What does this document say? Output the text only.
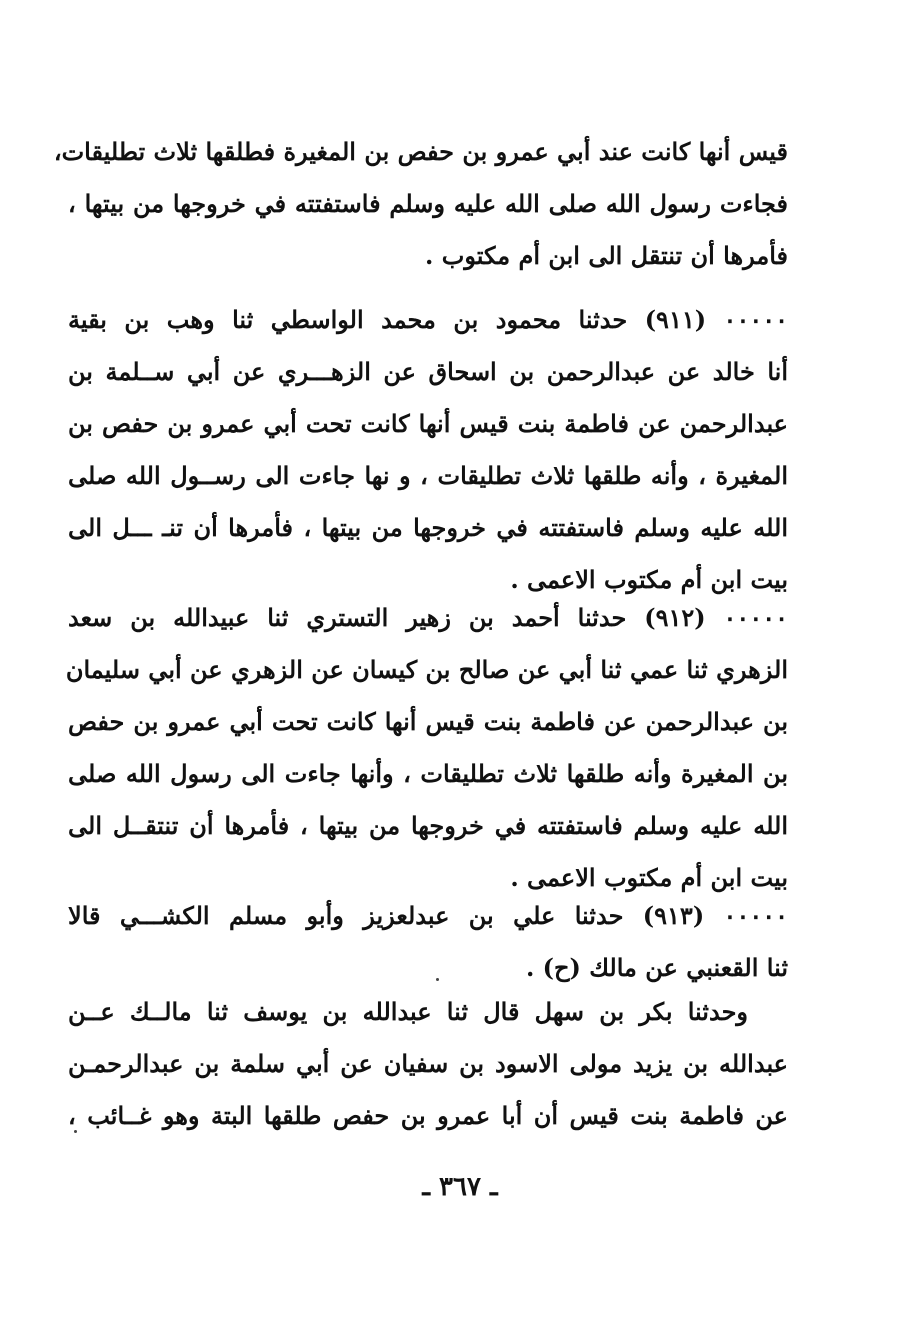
قيس أنها كانت عند أبي عمرو بن حفص بن المغيرة فطلقها ثلاث تطليقات،
فجاءت رسول الله صلى الله عليه وسلم فاستفتته في خروجها من بيتها ،
فأمرها أن تنتقل الى ابن أم مكتوب .
٠٠٠٠٠ (٩١١) حدثنا محمود بن محمد الواسطي ثنا وهب بن بقية
أنا خالد عن عبدالرحمن بن اسحاق عن الزهـــري عن أبي ســلمة بن
عبدالرحمن عن فاطمة بنت قيس أنها كانت تحت أبي عمرو بن حفص بن
المغيرة ، وأنه طلقها ثلاث تطليقات ، و نها جاءت الى رســول الله صلى
الله عليه وسلم فاستفتته في خروجها من بيتها ، فأمرها أن تنـ ـــل الى
بيت ابن أم مكتوب الاعمى .
٠٠٠٠٠ (٩١٢) حدثنا أحمد بن زهير التستري ثنا عبيدالله بن سعد
الزهري ثنا عمي ثنا أبي عن صالح بن كيسان عن الزهري عن أبي سليمان
بن عبدالرحمن عن فاطمة بنت قيس أنها كانت تحت أبي عمرو بن حفص
بن المغيرة وأنه طلقها ثلاث تطليقات ، وأنها جاءت الى رسول الله صلى
الله عليه وسلم فاستفتته في خروجها من بيتها ، فأمرها أن تنتقــل الى
بيت ابن أم مكتوب الاعمى .
٠٠٠٠٠ (٩١٣) حدثنا علي بن عبدلعزيز وأبو مسلم الكشـــي قالا
ثنا القعنبي عن مالك (ح) .
وحدثنا بكر بن سهل قال ثنا عبدالله بن يوسف ثنا مالــك عــن
عبدالله بن يزيد مولى الاسود بن سفيان عن أبي سلمة بن عبدالرحمـن
عن فاطمة بنت قيس أن أبا عمرو بن حفص طلقها البتة وهو غــائب ،
ـ ٣٦٧ ـ
